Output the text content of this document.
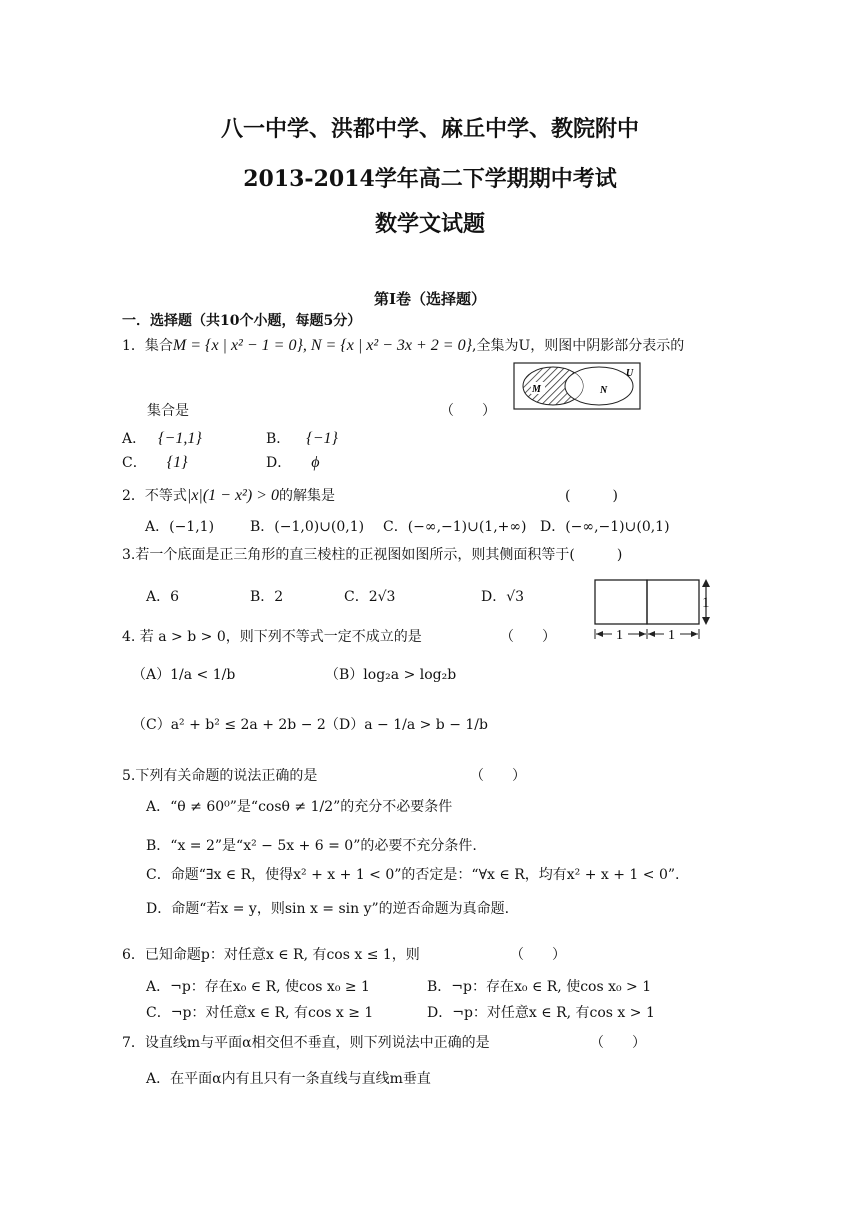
八一中学、洪都中学、麻丘中学、教院附中
2013-2014学年高二下学期期中考试
数学文试题
第Ⅰ卷（选择题）
一．选择题（共10个小题，每题5分）
1．集合M = {x | x² − 1 = 0}, N = {x | x² − 3x + 2 = 0},全集为U，则图中阴影部分表示的
M	N
U
集合是	（　　）
A． {−1,1}	B． {−1}
C． {1}	D． ϕ
2．不等式|x|(1 − x²) > 0的解集是	(　　　)
A．(−1,1)	B．(−1,0)∪(0,1) C．(−∞,−1)∪(1,+∞) D．(−∞,−1)∪(0,1)
3.若一个底面是正三角形的直三棱柱的正视图如图所示，则其侧面积等于(　　　)
A．6	B．2	C．2√3	D．√3	1
1	1
4. 若 a > b > 0，则下列不等式一定不成立的是	（　　）
（A）1/a < 1/b	（B）log₂a > log₂b
（C）a² + b² ≤ 2a + 2b − 2 （D）a − 1/a > b − 1/b
5.下列有关命题的说法正确的是	（　　）
A．“θ ≠ 60⁰”是“cosθ ≠ 1/2”的充分不必要条件
B．“x = 2”是“x² − 5x + 6 = 0”的必要不充分条件.
C．命题“∃x ∈ R，使得x² + x + 1 < 0”的否定是：“∀x ∈ R，均有x² + x + 1 < 0”.
D．命题“若x = y，则sin x = sin y”的逆否命题为真命题.
6．已知命题p：对任意x ∈ R, 有cos x ≤ 1，则	（　　）
A．¬p：存在x₀ ∈ R, 使cos x₀ ≥ 1	B．¬p：存在x₀ ∈ R, 使cos x₀ > 1
C．¬p：对任意x ∈ R, 有cos x ≥ 1	D．¬p：对任意x ∈ R, 有cos x > 1
7．设直线m与平面α相交但不垂直，则下列说法中正确的是	（　　）
A．在平面α内有且只有一条直线与直线m垂直
